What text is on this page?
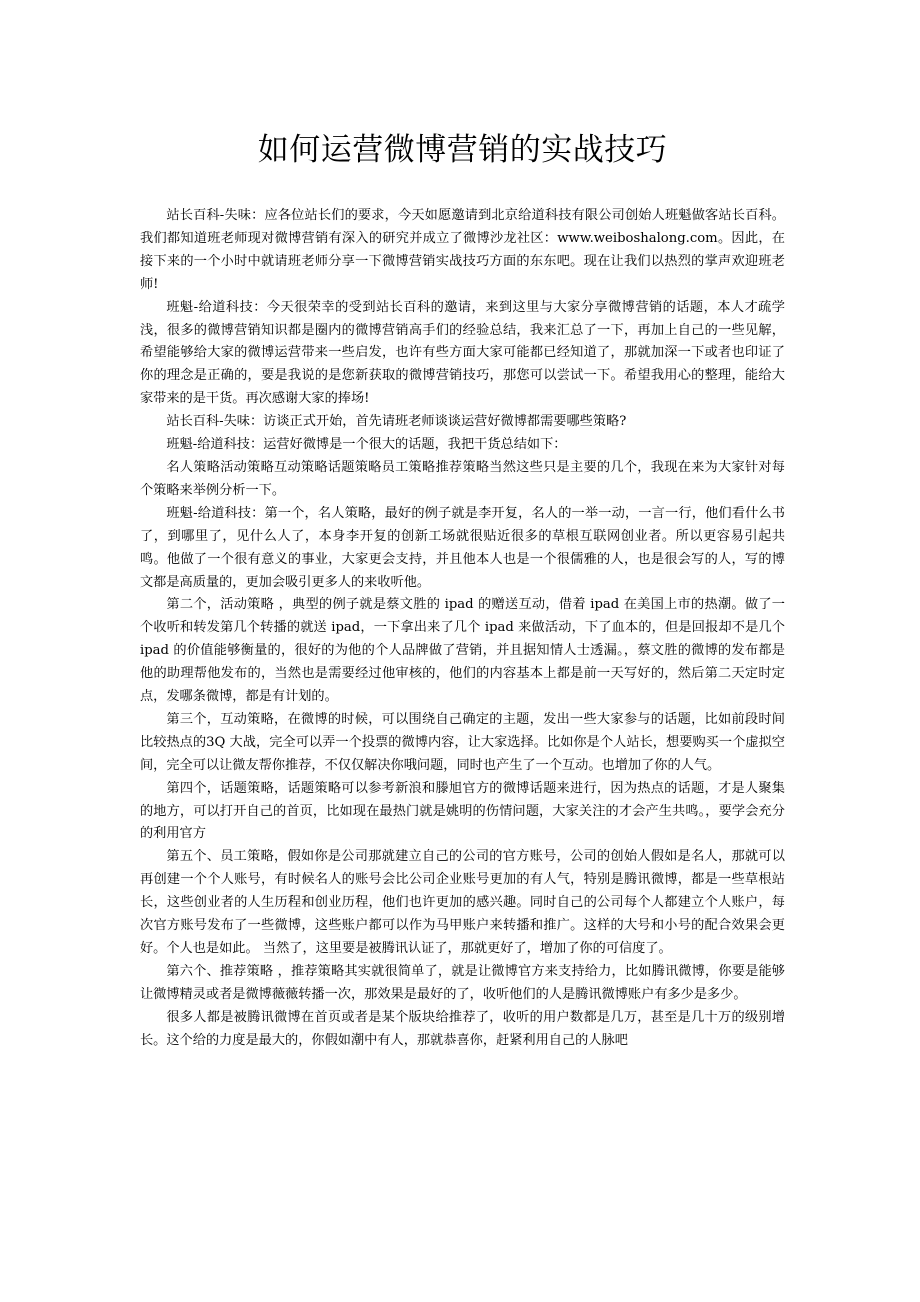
如何运营微博营销的实战技巧

站长百科-失味：应各位站长们的要求，今天如愿邀请到北京给道科技有限公司创始人班魁做客站长百科。我们都知道班老师现对微博营销有深入的研究并成立了微博沙龙社区：www.weiboshalong.com。因此，在接下来的一个小时中就请班老师分享一下微博营销实战技巧方面的东东吧。现在让我们以热烈的掌声欢迎班老师!

班魁-给道科技：今天很荣幸的受到站长百科的邀请，来到这里与大家分享微博营销的话题，本人才疏学浅，很多的微博营销知识都是圈内的微博营销高手们的经验总结，我来汇总了一下，再加上自己的一些见解，希望能够给大家的微博运营带来一些启发，也许有些方面大家可能都已经知道了，那就加深一下或者也印证了你的理念是正确的，要是我说的是您新获取的微博营销技巧，那您可以尝试一下。希望我用心的整理，能给大家带来的是干货。再次感谢大家的捧场!

站长百科-失味：访谈正式开始，首先请班老师谈谈运营好微博都需要哪些策略?

班魁-给道科技：运营好微博是一个很大的话题，我把干货总结如下：

名人策略活动策略互动策略话题策略员工策略推荐策略当然这些只是主要的几个，我现在来为大家针对每个策略来举例分析一下。

班魁-给道科技：第一个，名人策略，最好的例子就是李开复，名人的一举一动，一言一行，他们看什么书了，到哪里了，见什么人了，本身李开复的创新工场就很贴近很多的草根互联网创业者。所以更容易引起共鸣。他做了一个很有意义的事业，大家更会支持，并且他本人也是一个很儒雅的人，也是很会写的人，写的博文都是高质量的，更加会吸引更多人的来收听他。

第二个，活动策略 ，典型的例子就是蔡文胜的 ipad 的赠送互动，借着 ipad 在美国上市的热潮。做了一个收听和转发第几个转播的就送 ipad，一下拿出来了几个 ipad 来做活动，下了血本的，但是回报却不是几个 ipad 的价值能够衡量的，很好的为他的个人品牌做了营销，并且据知情人士透漏。，蔡文胜的微博的发布都是他的助理帮他发布的，当然也是需要经过他审核的，他们的内容基本上都是前一天写好的，然后第二天定时定点，发哪条微博，都是有计划的。

第三个，互动策略，在微博的时候，可以围绕自己确定的主题，发出一些大家参与的话题，比如前段时间比较热点的3Q 大战，完全可以弄一个投票的微博内容，让大家选择。比如你是个人站长，想要购买一个虚拟空间，完全可以让微友帮你推荐，不仅仅解决你哦问题，同时也产生了一个互动。也增加了你的人气。

第四个，话题策略，话题策略可以参考新浪和滕旭官方的微博话题来进行，因为热点的话题，才是人聚集的地方，可以打开自己的首页，比如现在最热门就是姚明的伤情问题，大家关注的才会产生共鸣。，要学会充分的利用官方

第五个、员工策略，假如你是公司那就建立自己的公司的官方账号，公司的创始人假如是名人，那就可以再创建一个个人账号，有时候名人的账号会比公司企业账号更加的有人气，特别是腾讯微博，都是一些草根站长，这些创业者的人生历程和创业历程，他们也许更加的感兴趣。同时自己的公司每个人都建立个人账户，每次官方账号发布了一些微博，这些账户都可以作为马甲账户来转播和推广。这样的大号和小号的配合效果会更好。个人也是如此。 当然了，这里要是被腾讯认证了，那就更好了，增加了你的可信度了。

第六个、推荐策略 ，推荐策略其实就很简单了，就是让微博官方来支持给力，比如腾讯微博，你要是能够让微博精灵或者是微博薇薇转播一次，那效果是最好的了，收听他们的人是腾讯微博账户有多少是多少。

很多人都是被腾讯微博在首页或者是某个版块给推荐了，收听的用户数都是几万，甚至是几十万的级别增长。这个给的力度是最大的，你假如潮中有人，那就恭喜你，赶紧利用自己的人脉吧
